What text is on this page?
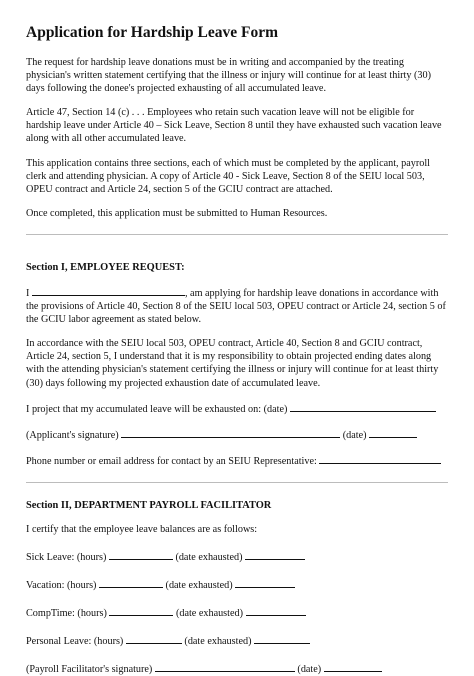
Application for Hardship Leave Form

The request for hardship leave donations must be in writing and accompanied by the treating physician's written statement certifying that the illness or injury will continue for at least thirty (30) days following the donee's projected exhausting of all accumulated leave.

Article 47, Section 14 (c) . . . Employees who retain such vacation leave will not be eligible for hardship leave under Article 40 – Sick Leave, Section 8 until they have exhausted such vacation leave along with all other accumulated leave.

This application contains three sections, each of which must be completed by the applicant, payroll clerk and attending physician. A copy of Article 40 - Sick Leave, Section 8 of the SEIU local 503, OPEU contract and Article 24, section 5 of the GCIU contract are attached.

Once completed, this application must be submitted to Human Resources.

Section I, EMPLOYEE REQUEST:

I	, am applying for hardship leave donations in accordance with the provisions of Article 40, Section 8 of the SEIU local 503, OPEU contract or Article 24, section 5 of the GCIU labor agreement as stated below.

In accordance with the SEIU local 503, OPEU contract, Article 40, Section 8 and GCIU contract, Article 24, section 5, I understand that it is my responsibility to obtain projected ending dates along with the attending physician's statement certifying the illness or injury will continue for at least thirty (30) days following my projected exhaustion date of accumulated leave.

I project that my accumulated leave will be exhausted on: (date)
(Applicant's signature)	(date)
Phone number or email address for contact by an SEIU Representative:
Section II, DEPARTMENT PAYROLL FACILITATOR

I certify that the employee leave balances are as follows:

Sick Leave: (hours)	(date exhausted)
Vacation: (hours)	(date exhausted)
CompTime: (hours)	(date exhausted)
Personal Leave: (hours)	(date exhausted)
(Payroll Facilitator's signature)	(date)
